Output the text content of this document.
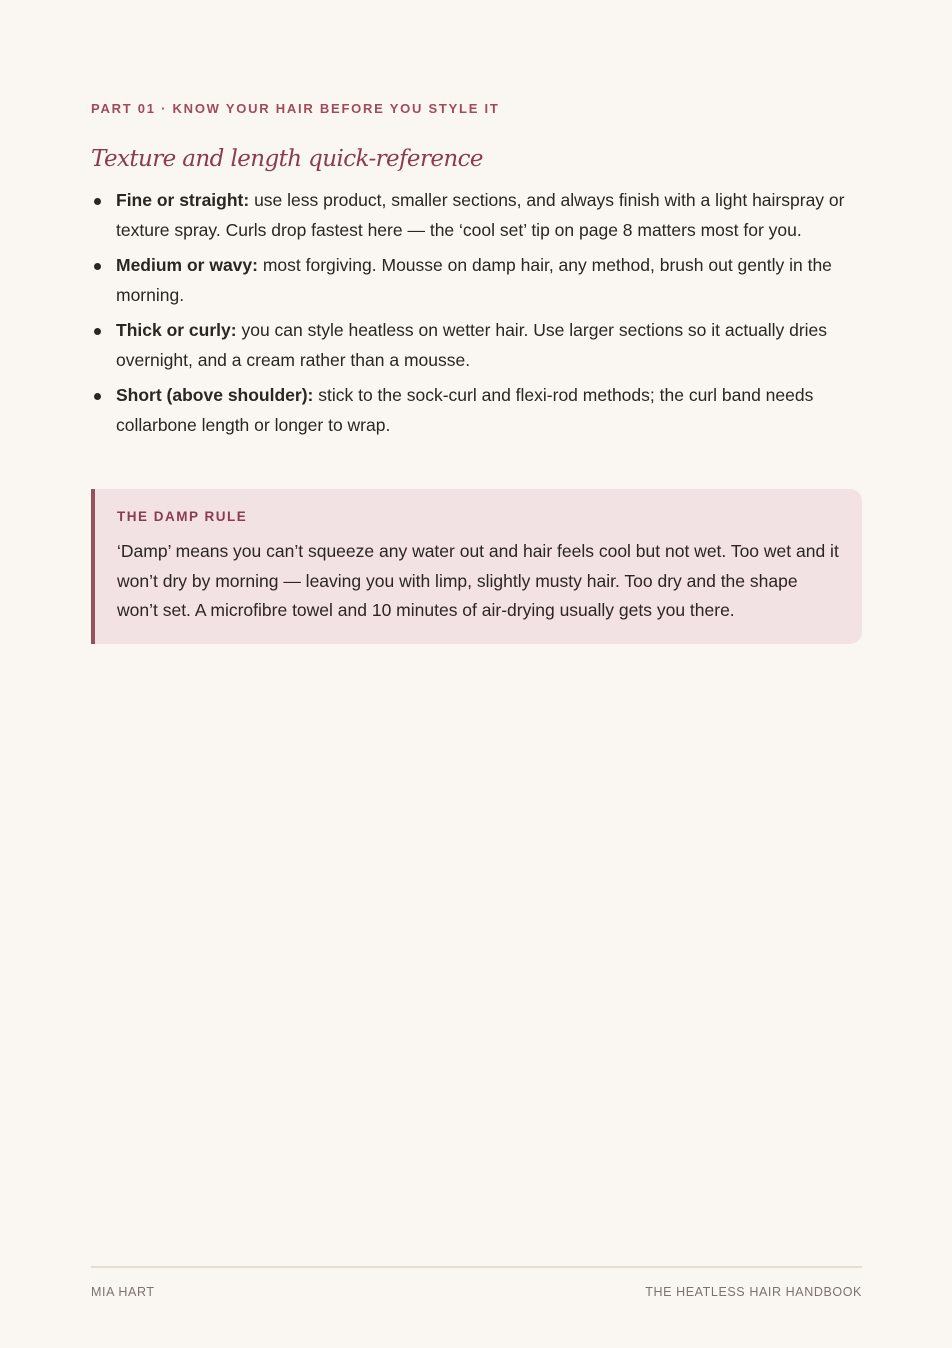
PART 01 · KNOW YOUR HAIR BEFORE YOU STYLE IT
Texture and length quick-reference
Fine or straight: use less product, smaller sections, and always finish with a light hairspray or texture spray. Curls drop fastest here — the ‘cool set’ tip on page 8 matters most for you.
Medium or wavy: most forgiving. Mousse on damp hair, any method, brush out gently in the morning.
Thick or curly: you can style heatless on wetter hair. Use larger sections so it actually dries overnight, and a cream rather than a mousse.
Short (above shoulder): stick to the sock-curl and flexi-rod methods; the curl band needs collarbone length or longer to wrap.
THE DAMP RULE
‘Damp’ means you can’t squeeze any water out and hair feels cool but not wet. Too wet and it won’t dry by morning — leaving you with limp, slightly musty hair. Too dry and the shape won’t set. A microfibre towel and 10 minutes of air-drying usually gets you there.
MIA HART	THE HEATLESS HAIR HANDBOOK
